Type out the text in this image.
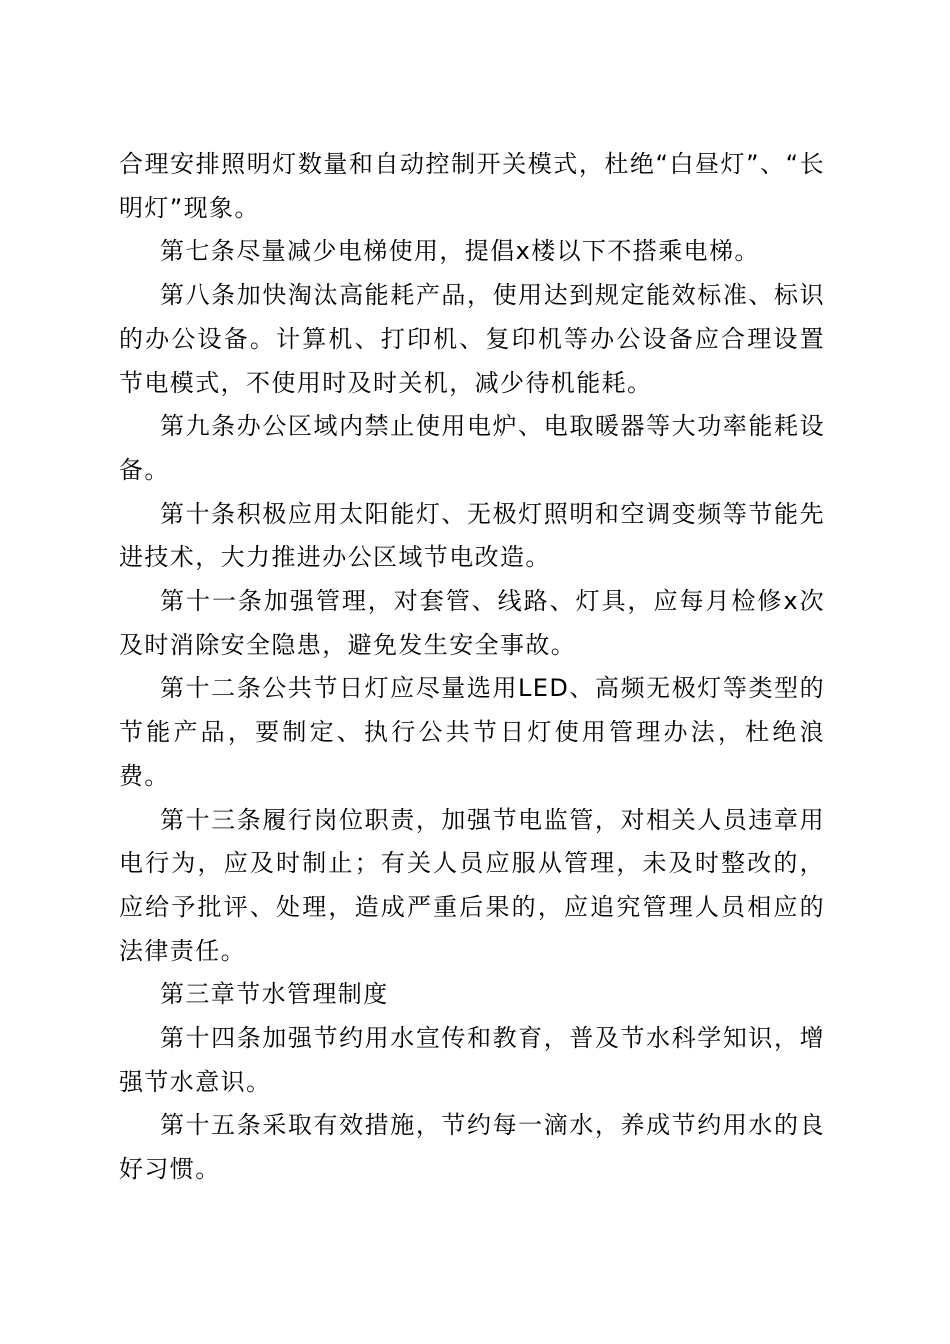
合理安排照明灯数量和自动控制开关模式，杜绝“白昼灯”、“长明灯”现象。

第七条尽量减少电梯使用，提倡x楼以下不搭乘电梯。

第八条加快淘汰高能耗产品，使用达到规定能效标准、标识的办公设备。计算机、打印机、复印机等办公设备应合理设置节电模式，不使用时及时关机，减少待机能耗。

第九条办公区域内禁止使用电炉、电取暖器等大功率能耗设备。

第十条积极应用太阳能灯、无极灯照明和空调变频等节能先进技术，大力推进办公区域节电改造。

第十一条加强管理，对套管、线路、灯具，应每月检修x次及时消除安全隐患，避免发生安全事故。

第十二条公共节日灯应尽量选用LED、高频无极灯等类型的节能产品，要制定、执行公共节日灯使用管理办法，杜绝浪费。

第十三条履行岗位职责，加强节电监管，对相关人员违章用电行为，应及时制止；有关人员应服从管理，未及时整改的，应给予批评、处理，造成严重后果的，应追究管理人员相应的法律责任。

第三章节水管理制度

第十四条加强节约用水宣传和教育，普及节水科学知识，增强节水意识。

第十五条采取有效措施，节约每一滴水，养成节约用水的良好习惯。
